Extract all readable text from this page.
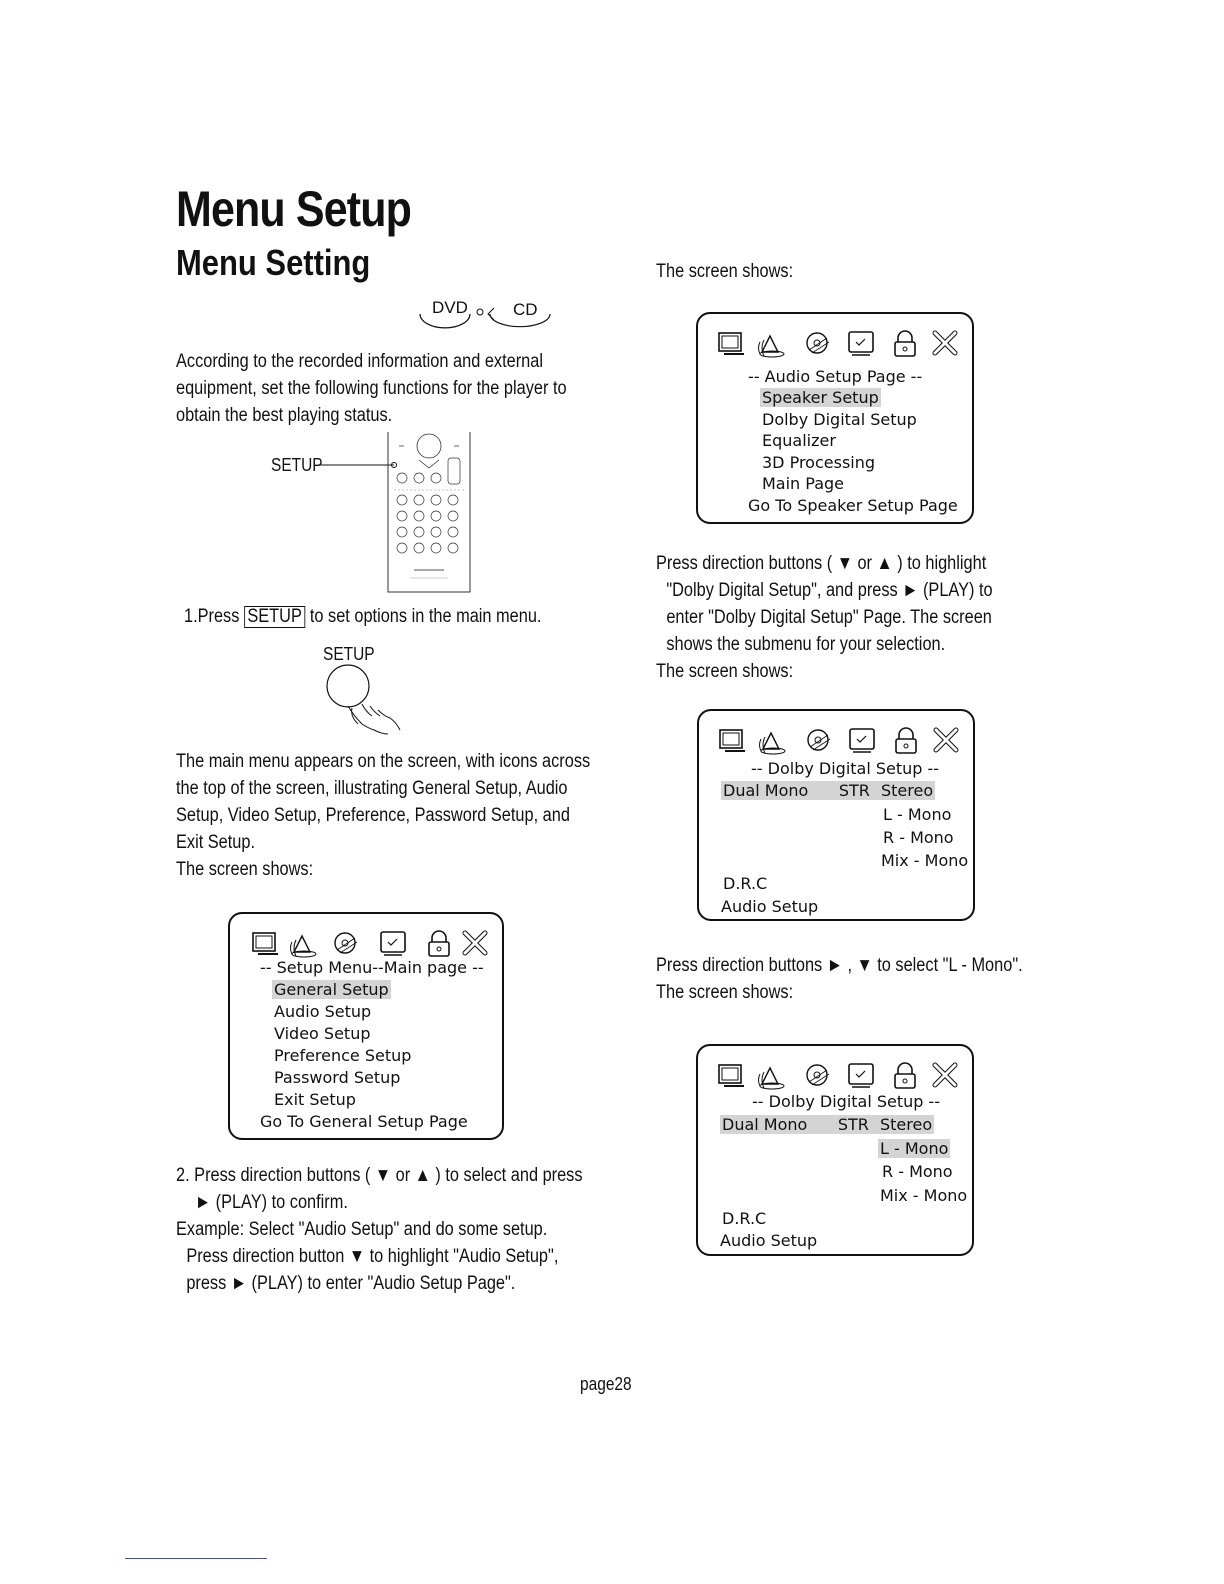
Menu Setup
Menu Setting
DVD	CD
According to the recorded information and external
equipment, set the following functions for the player to
obtain the best playing status.
SETUP
1.Press SETUP to set options in the main menu.
SETUP
The main menu appears on the screen, with icons across
the top of the screen, illustrating General Setup, Audio
Setup, Video Setup, Preference, Password Setup, and
Exit Setup.
The screen shows:
-- Setup Menu--Main page --
General Setup
Audio Setup
Video Setup
Preference Setup
Password Setup
Exit Setup
Go To General Setup Page
2. Press direction buttons ( ▼ or ▲ ) to select and press
► (PLAY) to confirm.
Example: Select "Audio Setup" and do some setup.
Press direction button ▼ to highlight "Audio Setup",
press ► (PLAY) to enter "Audio Setup Page".
The screen shows:
-- Audio Setup Page --
Speaker Setup
Dolby Digital Setup
Equalizer
3D Processing
Main Page
Go To Speaker Setup Page
Press direction buttons ( ▼ or ▲ ) to highlight
"Dolby Digital Setup", and press ► (PLAY) to
enter "Dolby Digital Setup" Page. The screen
shows the submenu for your selection.
The screen shows:
-- Dolby Digital Setup --
Dual Mono STR Stereo
L - Mono
R - Mono
Mix - Mono
D.R.C
Audio Setup
Press direction buttons ► , ▼ to select "L - Mono".
The screen shows:
-- Dolby Digital Setup --
Dual Mono STR Stereo
L - Mono
R - Mono
Mix - Mono
D.R.C
Audio Setup
page28
